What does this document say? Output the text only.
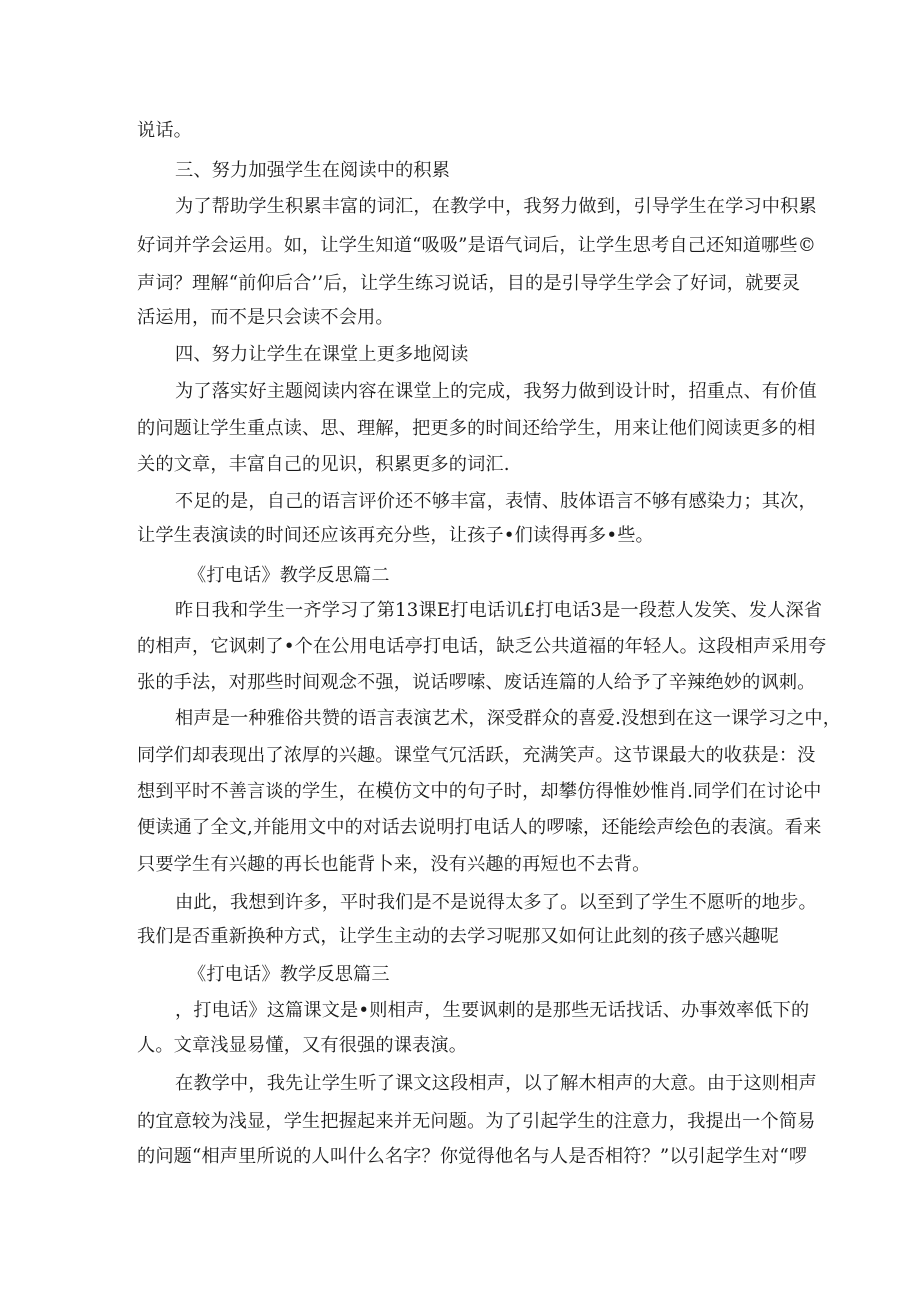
说话。
三、努力加强学生在阅读中的积累
为了帮助学生积累丰富的词汇，在教学中，我努力做到，引导学生在学习中积累
好词并学会运用。如，让学生知道“吸吸”是语气词后，让学生思考自己还知道哪些©
声词？理解“前仰后合’’后，让学生练习说话，目的是引导学生学会了好词，就要灵
活运用，而不是只会读不会用。
四、努力让学生在课堂上更多地阅读
为了落实好主题阅读内容在课堂上的完成，我努力做到设计时，招重点、有价值
的问题让学生重点读、思、理解，把更多的时间还给学生，用来让他们阅读更多的相
关的文章，丰富自己的见识，积累更多的词汇.
不足的是，自己的语言评价还不够丰富，表情、肢体语言不够有感染力；其次，
让学生表演读的时间还应该再充分些，让孩子•们读得再多•些。
《打电话》教学反思篇二
昨日我和学生一齐学习了第13课E打电话讥£打电话3是一段惹人发笑、发人深省
的相声，它讽刺了•个在公用电话亭打电话，缺乏公共道福的年轻人。这段相声采用夸
张的手法，对那些时间观念不强，说话啰嗦、废话连篇的人给予了辛辣绝妙的讽刺。
相声是一种雅俗共赞的语言表演艺术，深受群众的喜爱.没想到在这一课学习之中，
同学们却表现出了浓厚的兴趣。课堂气冗活跃，充满笑声。这节课最大的收获是：没
想到平时不善言谈的学生，在模仿文中的句子时，却攀仿得惟妙惟肖.同学们在讨论中
便读通了全文,并能用文中的对话去说明打电话人的啰嗦，还能绘声绘色的表演。看来
只要学生有兴趣的再长也能背卜来，没有兴趣的再短也不去背。
由此，我想到许多，平时我们是不是说得太多了。以至到了学生不愿听的地步。
我们是否重新换种方式，让学生主动的去学习呢那又如何让此刻的孩子感兴趣呢
《打电话》教学反思篇三
，打电话》这篇课文是•则相声，生要讽刺的是那些无话找话、办事效率低下的
人。文章浅显易懂，又有很强的课表演。
在教学中，我先让学生听了课文这段相声，以了解木相声的大意。由于这则相声
的宜意较为浅显，学生把握起来并无问题。为了引起学生的注意力，我提出一个简易
的问题“相声里所说的人叫什么名字？你觉得他名与人是否相符？”以引起学生对“啰
